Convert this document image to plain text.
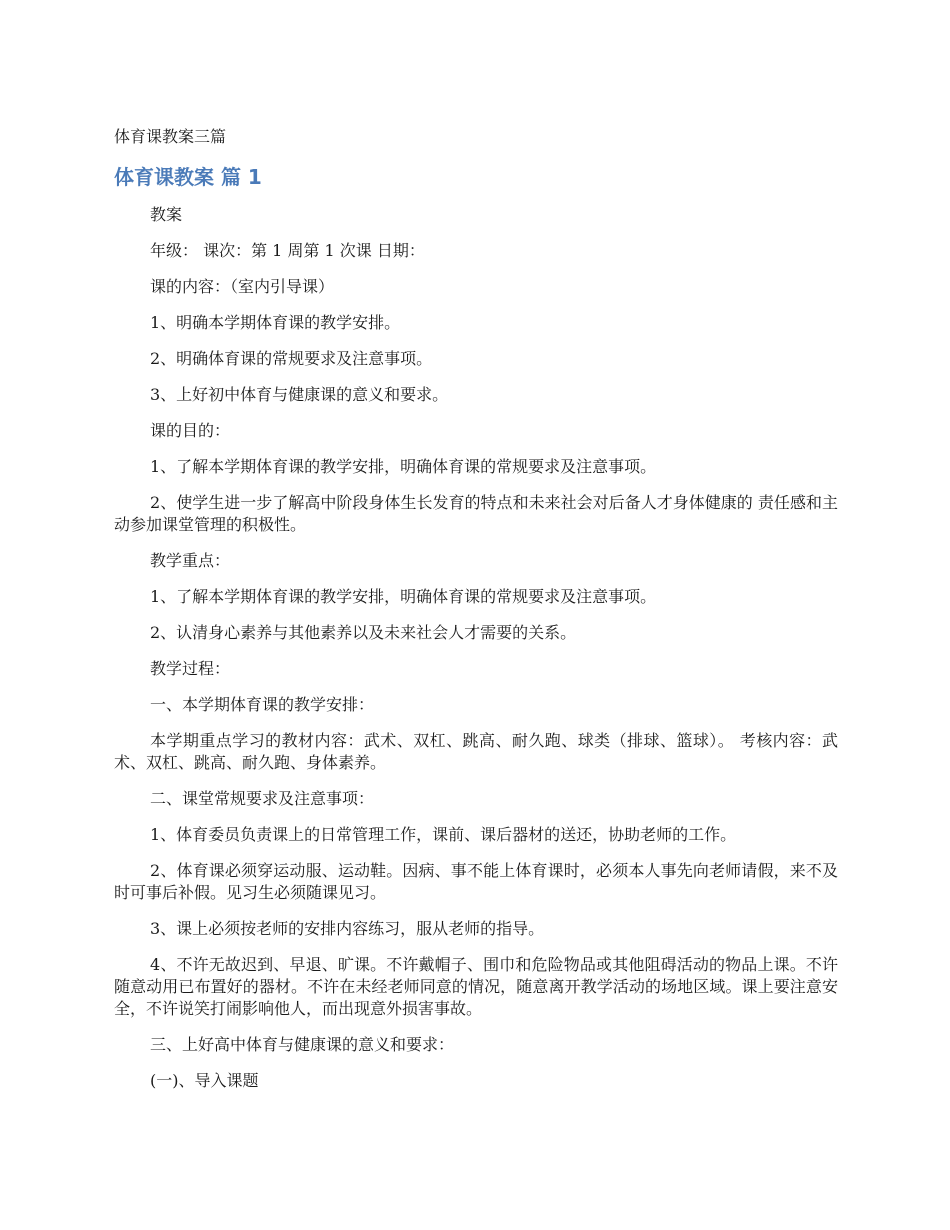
体育课教案三篇

体育课教案 篇 1

教案

年级： 课次：第 1 周第 1 次课 日期：

课的内容：（室内引导课）

1、明确本学期体育课的教学安排。

2、明确体育课的常规要求及注意事项。

3、上好初中体育与健康课的意义和要求。

课的目的：

1、了解本学期体育课的教学安排，明确体育课的常规要求及注意事项。

2、使学生进一步了解高中阶段身体生长发育的特点和未来社会对后备人才身体健康的 责任感和主动参加课堂管理的积极性。

教学重点：

1、了解本学期体育课的教学安排，明确体育课的常规要求及注意事项。

2、认清身心素养与其他素养以及未来社会人才需要的关系。

教学过程：

一、本学期体育课的教学安排：

本学期重点学习的教材内容：武术、双杠、跳高、耐久跑、球类（排球、篮球）。 考核内容：武术、双杠、跳高、耐久跑、身体素养。

二、课堂常规要求及注意事项：

1、体育委员负责课上的日常管理工作，课前、课后器材的送还，协助老师的工作。

2、体育课必须穿运动服、运动鞋。因病、事不能上体育课时，必须本人事先向老师请假，来不及时可事后补假。见习生必须随课见习。

3、课上必须按老师的安排内容练习，服从老师的指导。

4、不许无故迟到、早退、旷课。不许戴帽子、围巾和危险物品或其他阻碍活动的物品上课。不许随意动用已布置好的器材。不许在未经老师同意的情况，随意离开教学活动的场地区域。课上要注意安全，不许说笑打闹影响他人，而出现意外损害事故。

三、上好高中体育与健康课的意义和要求：

(一)、导入课题
